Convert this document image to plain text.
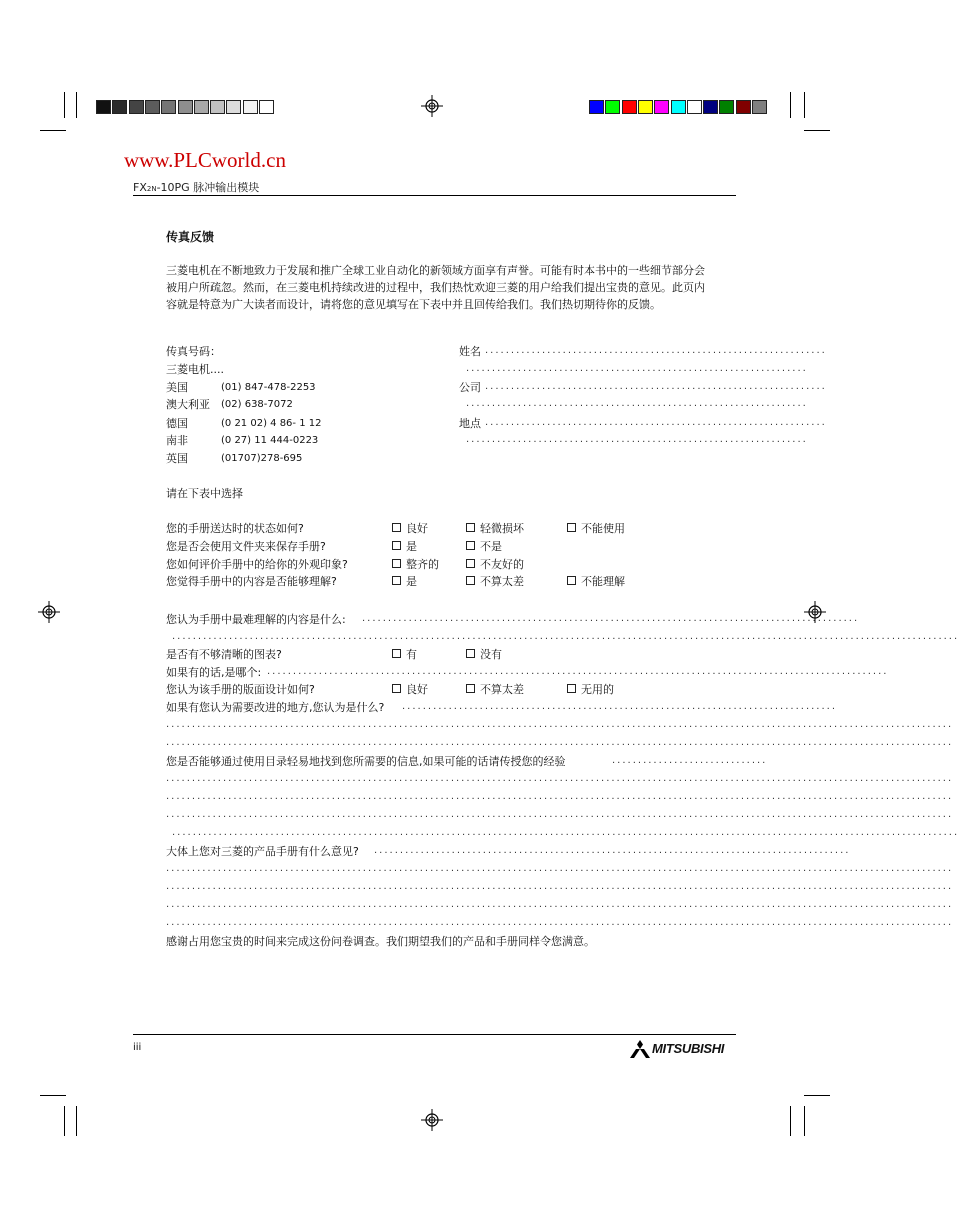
www.PLCworld.cn
FX2N-10PG 脉冲输出模块
传真反馈
三菱电机在不断地致力于发展和推广全球工业自动化的新领域方面享有声誉。可能有时本书中的一些细节部分会
被用户所疏忽。然而，在三菱电机持续改进的过程中，我们热忱欢迎三菱的用户给我们提出宝贵的意见。此页内
容就是特意为广大读者而设计，请将您的意见填写在下表中并且回传给我们。我们热切期待你的反馈。
传真号码：
三菱电机....
美国	(01) 847-478-2253
澳大利亚 (02) 638-7072
德国	(0 21 02) 4 86- 1 12
南非	(0 27) 11 444-0223
英国	(01707)278-695
姓名 ..................................................................
..................................................................
公司 ..................................................................
..................................................................
地点 ..................................................................
..................................................................
请在下表中选择
您的手册送达时的状态如何?	良好	轻微损坏	不能使用
您是否会使用文件夹来保存手册?	是	不是
您如何评价手册中的给你的外观印象?	整齐的	不友好的
您觉得手册中的内容是否能够理解?	是	不算太差	不能理解
您认为手册中最难理解的内容是什么: ................................................................................................
........................................................................................................................................................
是否有不够清晰的图表?	有	没有
如果有的话,是哪个: ........................................................................................................................
您认为该手册的版面设计如何?	良好	不算太差	无用的
如果有您认为需要改进的地方,您认为是什么? ....................................................................................
........................................................................................................................................................
........................................................................................................................................................
您是否能够通过使用目录轻易地找到您所需要的信息,如果可能的话请传授您的经验	..............................
........................................................................................................................................................
........................................................................................................................................................
........................................................................................................................................................
........................................................................................................................................................
大体上您对三菱的产品手册有什么意见? ............................................................................................
........................................................................................................................................................
........................................................................................................................................................
........................................................................................................................................................
........................................................................................................................................................
感谢占用您宝贵的时间来完成这份问卷调查。我们期望我们的产品和手册同样令您满意。
iii	MITSUBISHI
